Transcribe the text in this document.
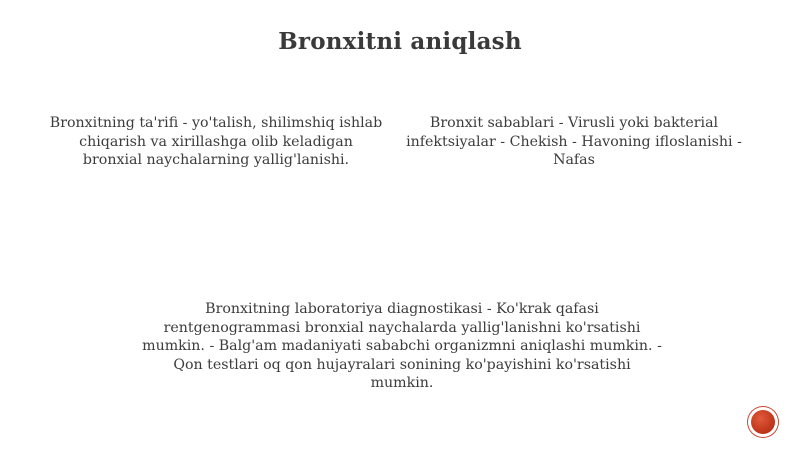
Bronxitni aniqlash
Bronxitning ta'rifi - yo'talish, shilimshiq ishlab chiqarish va xirillashga olib keladigan bronxial naychalarning yallig'lanishi.
Bronxit sabablari - Virusli yoki bakterial infektsiyalar - Chekish - Havoning ifloslanishi - Nafas
Bronxitning laboratoriya diagnostikasi - Ko'krak qafasi rentgenogrammasi bronxial naychalarda yallig'lanishni ko'rsatishi mumkin. - Balg'am madaniyati sababchi organizmni aniqlashi mumkin. - Qon testlari oq qon hujayralari sonining ko'payishini ko'rsatishi mumkin.
